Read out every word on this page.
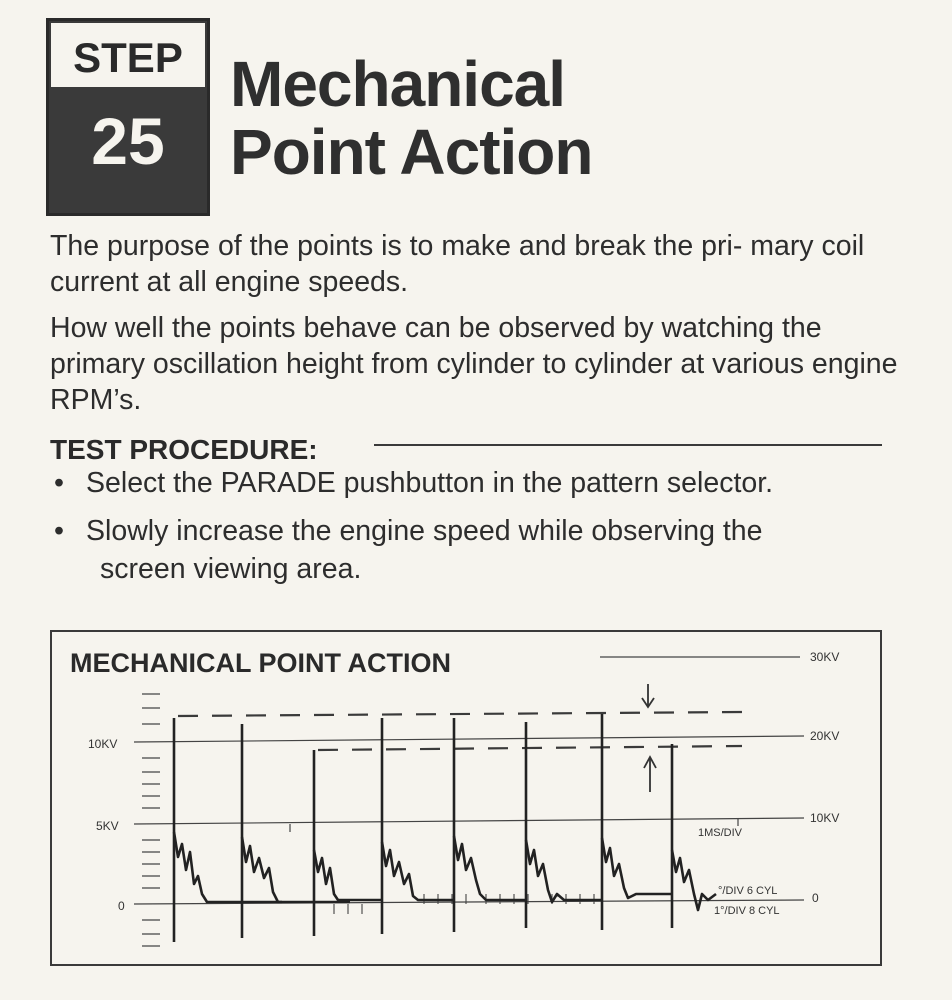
STEP
25
Mechanical
Point Action
The purpose of the points is to make and break the pri- mary coil current at all engine speeds.
How well the points behave can be observed by watching the primary oscillation height from cylinder to cylinder at various engine RPM’s.
TEST PROCEDURE:
• Select the PARADE pushbutton in the pattern selector.
• Slowly increase the engine speed while observing the
screen viewing area.
MECHANICAL POINT ACTION
10KV
5KV
0
30KV
20KV
10KV
0
1MS/DIV
°/DIV 6 CYL
1°/DIV 8 CYL
